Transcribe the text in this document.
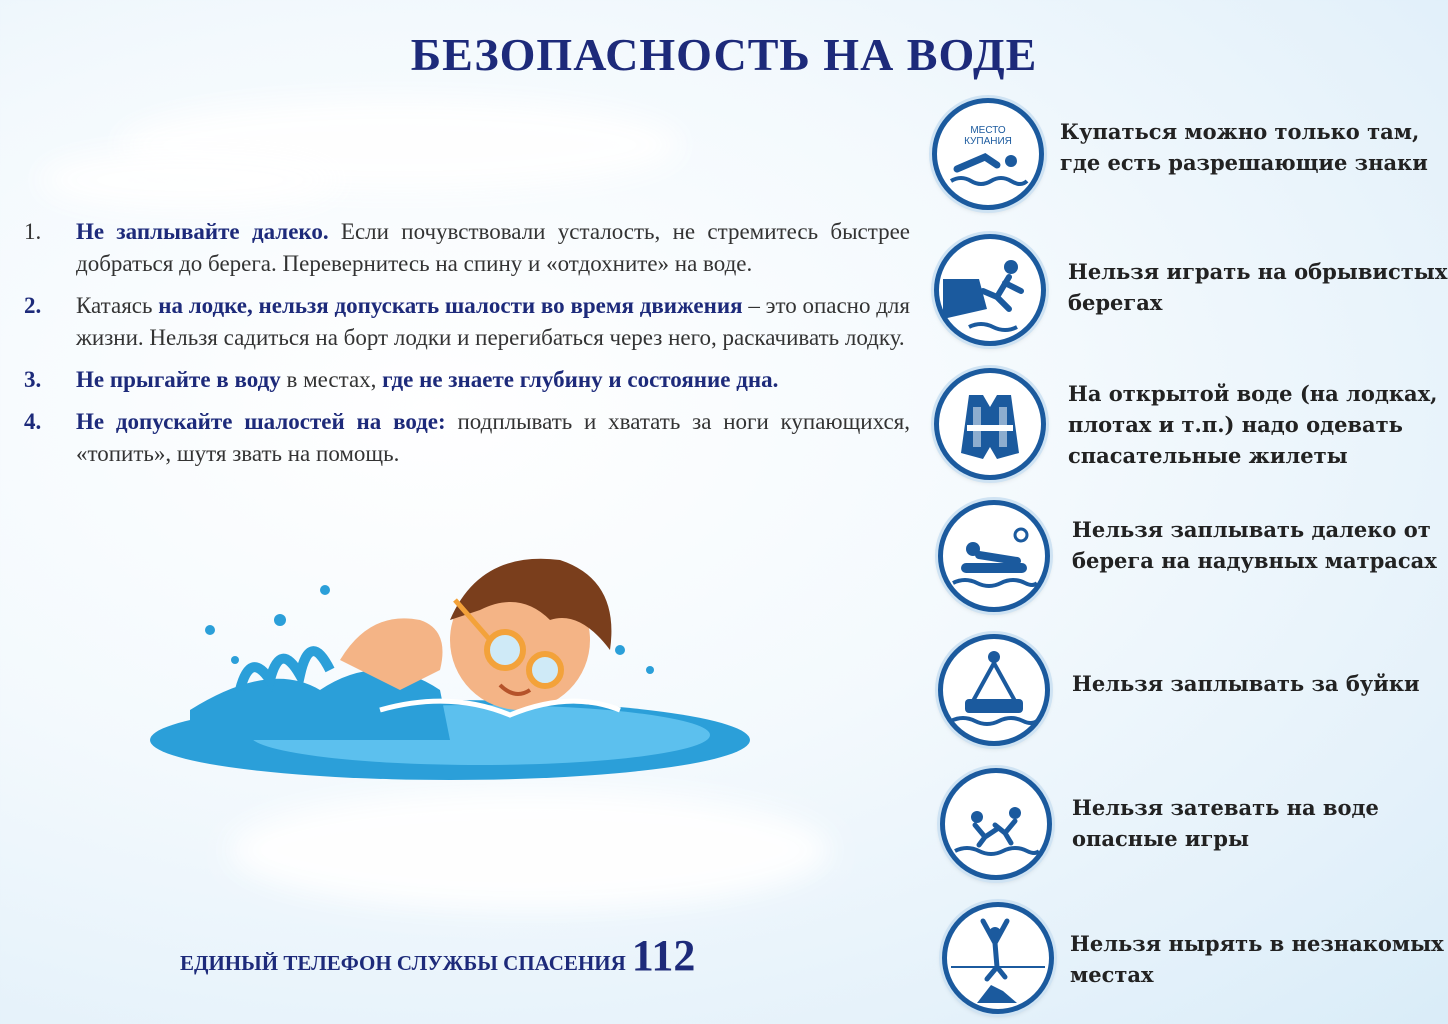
БЕЗОПАСНОСТЬ НА ВОДЕ
1.	Не заплывайте далеко. Если почувствовали усталость, не стремитесь быстрее добраться до берега. Перевернитесь на спину и «отдохните» на воде.
2.	Катаясь на лодке, нельзя допускать шалости во время движения – это опасно для жизни. Нельзя садиться на борт лодки и перегибаться через него, раскачивать лодку.
3.	Не прыгайте в воду в местах, где не знаете глубину и состояние дна.
4.	Не допускайте шалостей на воде: подплывать и хватать за ноги купающихся, «топить», шутя звать на помощь.
ЕДИНЫЙ ТЕЛЕФОН СЛУЖБЫ СПАСЕНИЯ 112
МЕСТО КУПАНИЯ Купаться можно только там, где есть разрешающие знаки
Нельзя играть на обрывистых берегах
На открытой воде (на лодках, плотах и т.п.) надо одевать спасательные жилеты
Нельзя заплывать далеко от берега на надувных матрасах
Нельзя заплывать за буйки
Нельзя затевать на воде опасные игры
Нельзя нырять в незнакомых местах
